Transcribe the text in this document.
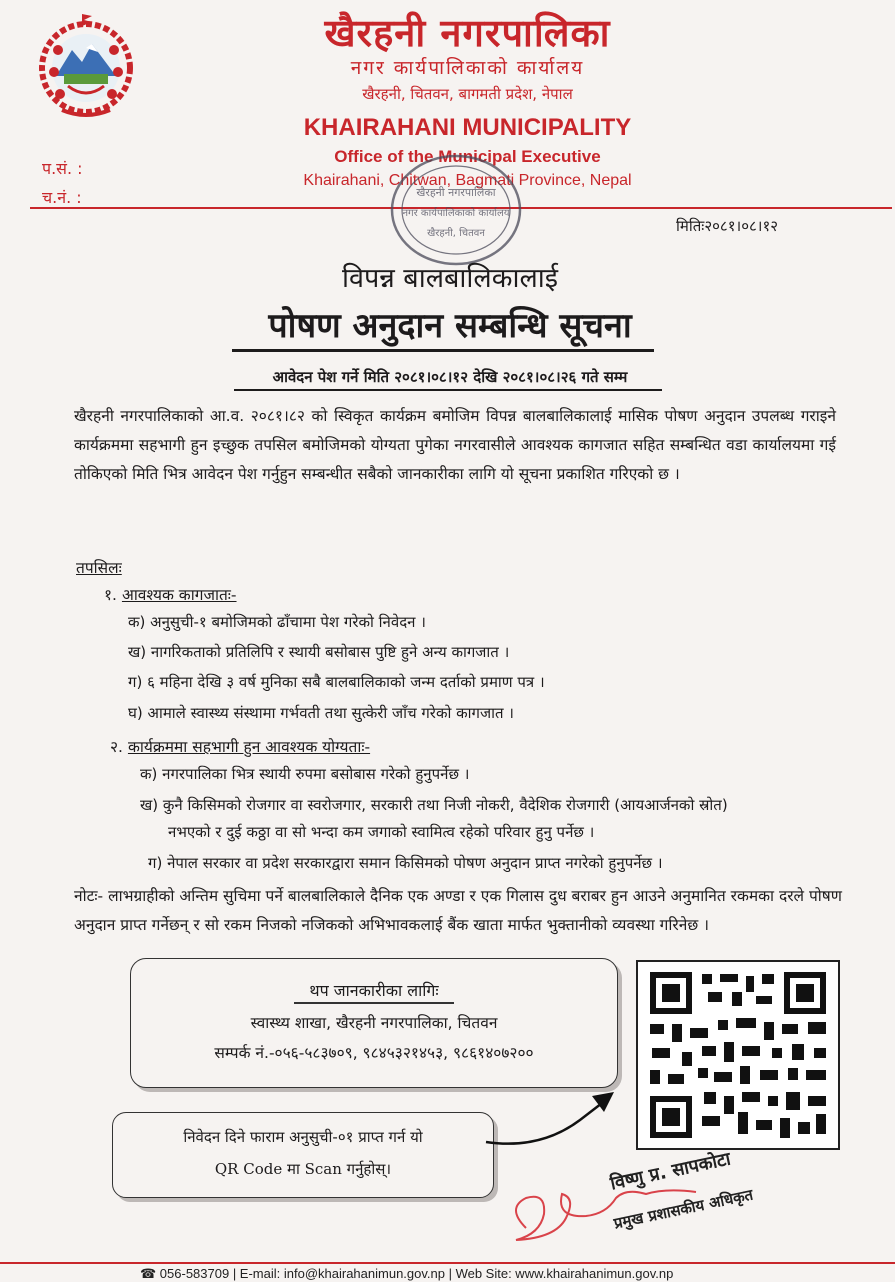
खैरहनी नगरपालिका
नगर कार्यपालिकाको कार्यालय
खैरहनी, चितवन, बागमती प्रदेश, नेपाल
KHAIRAHANI MUNICIPALITY
Office of the Municipal Executive
Khairahani, Chitwan, Bagmati Province, Nepal
प.सं. :
च.नं. :	खैरहनी नगरपालिका
नगर कार्यपालिकाको कार्यालय
खैरहनी, चितवन	मितिः२०८१।०८।१२
विपन्न बालबालिकालाई
पोषण अनुदान सम्बन्धि सूचना
आवेदन पेश गर्ने मिति २०८१।०८।१२ देखि २०८१।०८।२६ गते सम्म
खैरहनी नगरपालिकाको आ.व. २०८१।८२ को स्विकृत कार्यक्रम बमोजिम विपन्न बालबालिकालाई मासिक पोषण अनुदान उपलब्ध गराइने कार्यक्रममा सहभागी हुन इच्छुक तपसिल बमोजिमको योग्यता पुगेका नगरवासीले आवश्यक कागजात सहित सम्बन्धित वडा कार्यालयमा गई तोकिएको मिति भित्र आवेदन पेश गर्नुहुन सम्बन्धीत सबैको जानकारीका लागि यो सूचना प्रकाशित गरिएको छ ।
तपसिलः
१. आवश्यक कागजातः-
क) अनुसुची-१ बमोजिमको ढाँचामा पेश गरेको निवेदन ।
ख) नागरिकताको प्रतिलिपि र स्थायी बसोबास पुष्टि हुने अन्य कागजात ।
ग) ६ महिना देखि ३ वर्ष मुनिका सबै बालबालिकाको जन्म दर्ताको प्रमाण पत्र ।
घ) आमाले स्वास्थ्य संस्थामा गर्भवती तथा सुत्केरी जाँच गरेको कागजात ।
२. कार्यक्रममा सहभागी हुन आवश्यक योग्यताः-
क) नगरपालिका भित्र स्थायी रुपमा बसोबास गरेको हुनुपर्नेछ ।
ख) कुनै किसिमको रोजगार वा स्वरोजगार, सरकारी तथा निजी नोकरी, वैदेशिक रोजगारी (आयआर्जनको स्रोत)
नभएको र दुई कठ्ठा वा सो भन्दा कम जगाको स्वामित्व रहेको परिवार हुनु पर्नेछ ।
ग) नेपाल सरकार वा प्रदेश सरकारद्वारा समान किसिमको पोषण अनुदान प्राप्त नगरेको हुनुपर्नेछ ।
नोटः- लाभग्राहीको अन्तिम सुचिमा पर्ने बालबालिकाले दैनिक एक अण्डा र एक गिलास दुध बराबर हुन आउने अनुमानित रकमका दरले पोषण अनुदान प्राप्त गर्नेछन् र सो रकम निजको नजिकको अभिभावकलाई बैंक खाता मार्फत भुक्तानीको व्यवस्था गरिनेछ ।
थप जानकारीका लागिः
स्वास्थ्य शाखा, खैरहनी नगरपालिका, चितवन
सम्पर्क नं.-०५६-५८३७०९, ९८४५३२१४५३, ९८६१४०७२००
निवेदन दिने फाराम अनुसुची-०१ प्राप्त गर्न यो
QR Code मा Scan गर्नुहोस्।	विष्णु प्र. सापकोटा
प्रमुख प्रशासकीय अधिकृत
☎ 056-583709 | E-mail: info@khairahanimun.gov.np | Web Site: www.khairahanimun.gov.np
